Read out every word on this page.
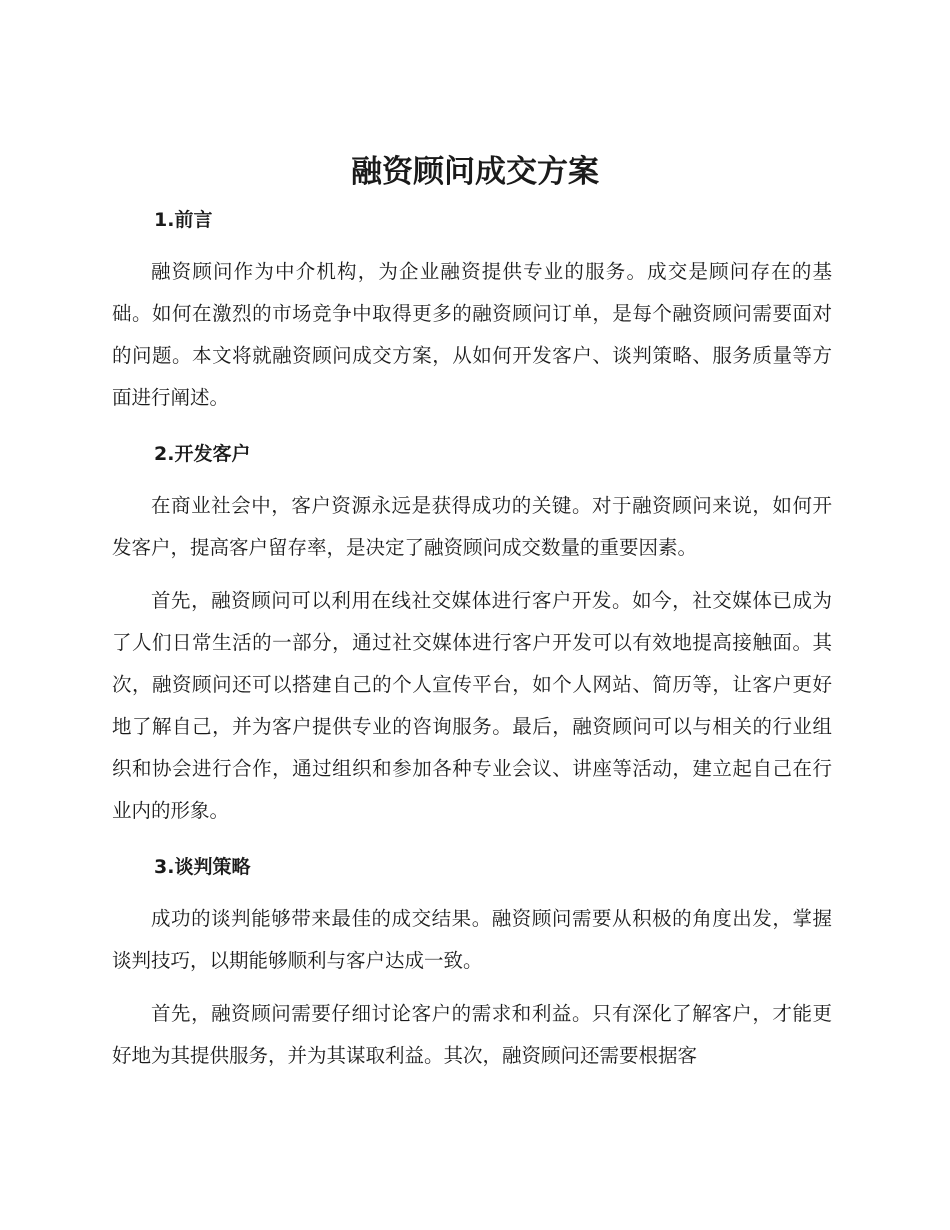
融资顾问成交方案
1.前言

融资顾问作为中介机构，为企业融资提供专业的服务。成交是顾问存在的基础。如何在激烈的市场竞争中取得更多的融资顾问订单，是每个融资顾问需要面对的问题。本文将就融资顾问成交方案，从如何开发客户、谈判策略、服务质量等方面进行阐述。

2.开发客户

在商业社会中，客户资源永远是获得成功的关键。对于融资顾问来说，如何开发客户，提高客户留存率，是决定了融资顾问成交数量的重要因素。

首先，融资顾问可以利用在线社交媒体进行客户开发。如今，社交媒体已成为了人们日常生活的一部分，通过社交媒体进行客户开发可以有效地提高接触面。其次，融资顾问还可以搭建自己的个人宣传平台，如个人网站、简历等，让客户更好地了解自己，并为客户提供专业的咨询服务。最后，融资顾问可以与相关的行业组织和协会进行合作，通过组织和参加各种专业会议、讲座等活动，建立起自己在行业内的形象。

3.谈判策略

成功的谈判能够带来最佳的成交结果。融资顾问需要从积极的角度出发，掌握谈判技巧，以期能够顺利与客户达成一致。

首先，融资顾问需要仔细讨论客户的需求和利益。只有深化了解客户，才能更好地为其提供服务，并为其谋取利益。其次，融资顾问还需要根据客
